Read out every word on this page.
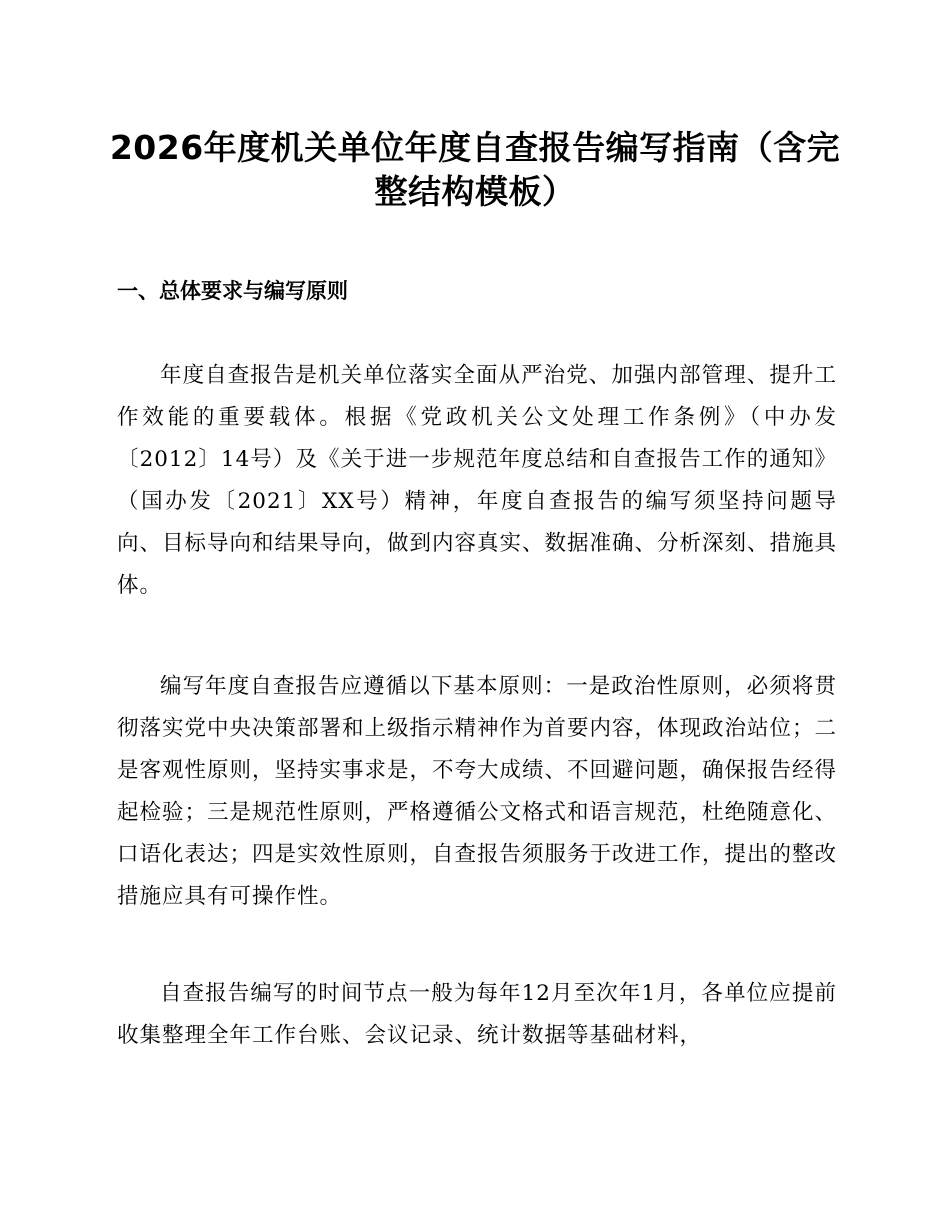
2026年度机关单位年度自查报告编写指南（含完整结构模板）
一、总体要求与编写原则

年度自查报告是机关单位落实全面从严治党、加强内部管理、提升工作效能的重要载体。根据《党政机关公文处理工作条例》（中办发〔2012〕14号）及《关于进一步规范年度总结和自查报告工作的通知》（国办发〔2021〕XX号）精神，年度自查报告的编写须坚持问题导向、目标导向和结果导向，做到内容真实、数据准确、分析深刻、措施具体。

编写年度自查报告应遵循以下基本原则：一是政治性原则，必须将贯彻落实党中央决策部署和上级指示精神作为首要内容，体现政治站位；二是客观性原则，坚持实事求是，不夸大成绩、不回避问题，确保报告经得起检验；三是规范性原则，严格遵循公文格式和语言规范，杜绝随意化、口语化表达；四是实效性原则，自查报告须服务于改进工作，提出的整改措施应具有可操作性。

自查报告编写的时间节点一般为每年12月至次年1月，各单位应提前收集整理全年工作台账、会议记录、统计数据等基础材料，
